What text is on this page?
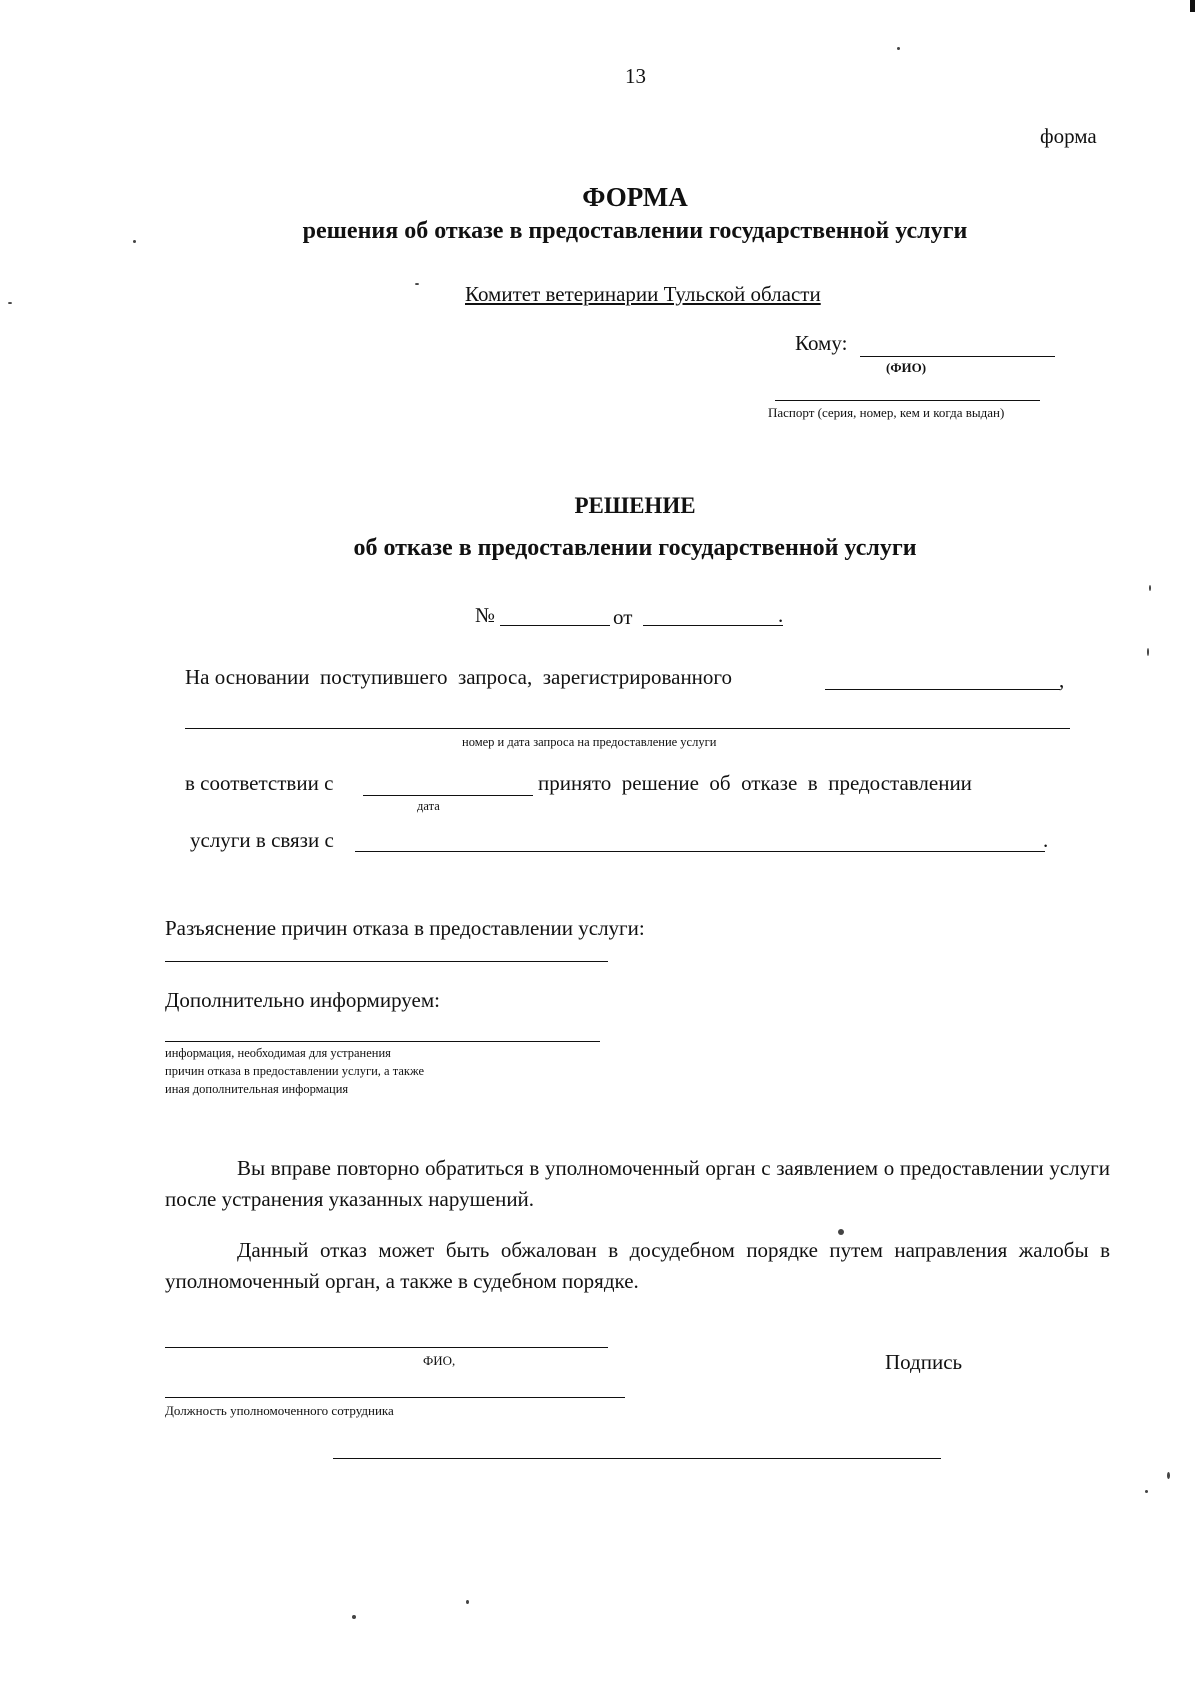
13
форма
ФОРМА
решения об отказе в предоставлении государственной услуги
Комитет ветеринарии Тульской области
Кому:
(ФИО)
Паспорт (серия, номер, кем и когда выдан)
РЕШЕНИЕ
об отказе в предоставлении государственной услуги
№	от	.
На основании  поступившего  запроса,  зарегистрированного	,
номер и дата запроса на предоставление услуги
в соответствии с	принято  решение  об  отказе  в  предоставлении
дата
услуги в связи с	.
Разъяснение причин отказа в предоставлении услуги:
Дополнительно информируем:
информация, необходимая для устранения
причин отказа в предоставлении услуги, а также
иная дополнительная информация
Вы вправе повторно обратиться в уполномоченный орган с заявлением о предоставлении услуги после устранения указанных нарушений.
Данный отказ может быть обжалован в досудебном порядке путем направления жалобы в уполномоченный орган, а также в судебном порядке.
ФИО,	Подпись
Должность уполномоченного сотрудника
